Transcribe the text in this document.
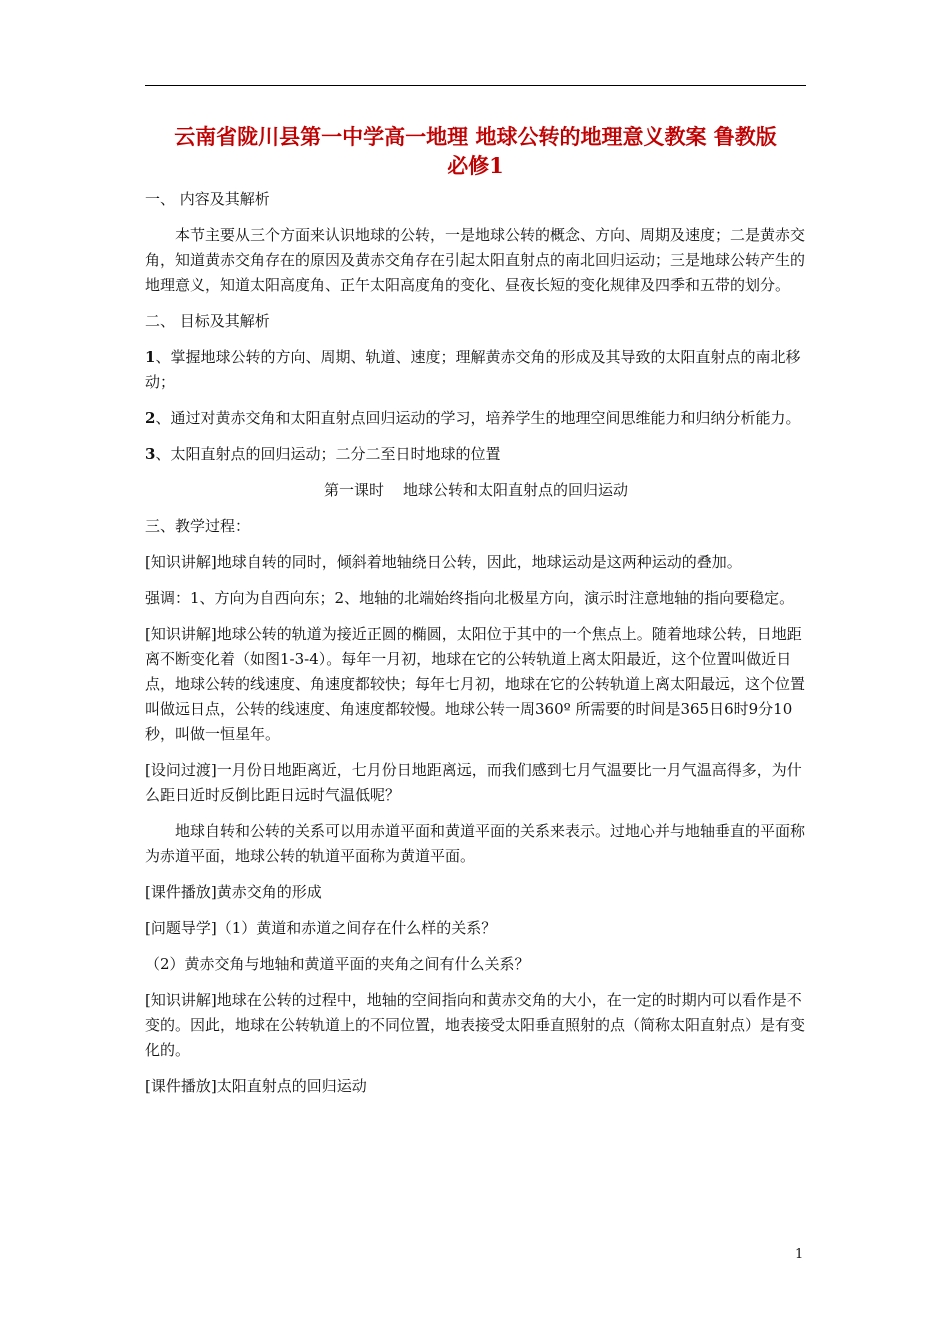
云南省陇川县第一中学高一地理 地球公转的地理意义教案 鲁教版
必修1

一、 内容及其解析

本节主要从三个方面来认识地球的公转，一是地球公转的概念、方向、周期及速度；二是黄赤交角，知道黄赤交角存在的原因及黄赤交角存在引起太阳直射点的南北回归运动；三是地球公转产生的地理意义，知道太阳高度角、正午太阳高度角的变化、昼夜长短的变化规律及四季和五带的划分。

二、 目标及其解析

1、掌握地球公转的方向、周期、轨道、速度；理解黄赤交角的形成及其导致的太阳直射点的南北移动；

2、通过对黄赤交角和太阳直射点回归运动的学习，培养学生的地理空间思维能力和归纳分析能力。

3、太阳直射点的回归运动；二分二至日时地球的位置

第一课时    地球公转和太阳直射点的回归运动

三、教学过程：

[知识讲解]地球自转的同时，倾斜着地轴绕日公转，因此，地球运动是这两种运动的叠加。

强调：1、方向为自西向东；2、地轴的北端始终指向北极星方向，演示时注意地轴的指向要稳定。

[知识讲解]地球公转的轨道为接近正圆的椭圆，太阳位于其中的一个焦点上。随着地球公转，日地距离不断变化着（如图1-3-4）。每年一月初，地球在它的公转轨道上离太阳最近，这个位置叫做近日点，地球公转的线速度、角速度都较快；每年七月初，地球在它的公转轨道上离太阳最远，这个位置叫做远日点，公转的线速度、角速度都较慢。地球公转一周360º 所需要的时间是365日6时9分10秒，叫做一恒星年。

[设问过渡]一月份日地距离近，七月份日地距离远，而我们感到七月气温要比一月气温高得多，为什么距日近时反倒比距日远时气温低呢？

地球自转和公转的关系可以用赤道平面和黄道平面的关系来表示。过地心并与地轴垂直的平面称为赤道平面，地球公转的轨道平面称为黄道平面。

[课件播放]黄赤交角的形成

[问题导学]（1）黄道和赤道之间存在什么样的关系？

（2）黄赤交角与地轴和黄道平面的夹角之间有什么关系？

[知识讲解]地球在公转的过程中，地轴的空间指向和黄赤交角的大小，在一定的时期内可以看作是不变的。因此，地球在公转轨道上的不同位置，地表接受太阳垂直照射的点（简称太阳直射点）是有变化的。

[课件播放]太阳直射点的回归运动

1
